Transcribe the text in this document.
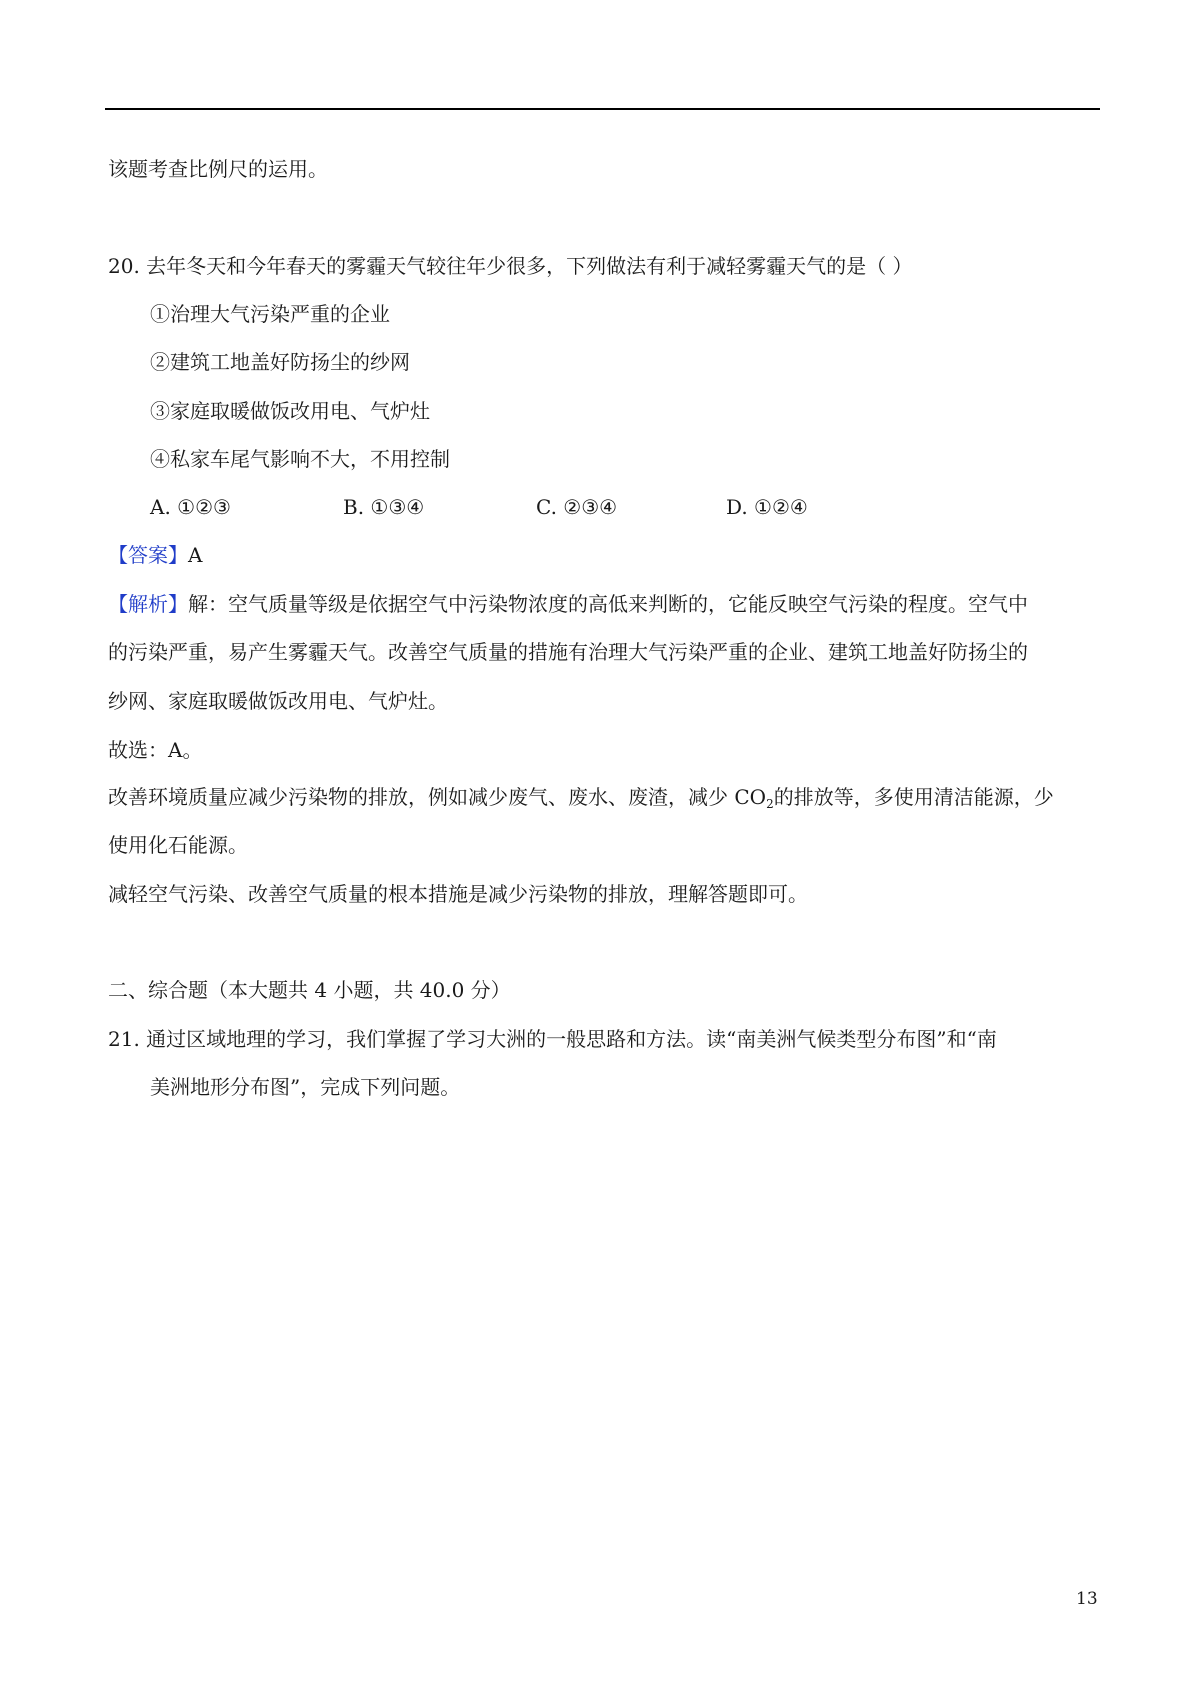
该题考查比例尺的运用。
20. 去年冬天和今年春天的雾霾天气较往年少很多，下列做法有利于减轻雾霾天气的是（ ）
①治理大气污染严重的企业
②建筑工地盖好防扬尘的纱网
③家庭取暖做饭改用电、气炉灶
④私家车尾气影响不大，不用控制
A. ①②③	B. ①③④	C. ②③④	D. ①②④
【答案】A
【解析】解：空气质量等级是依据空气中污染物浓度的高低来判断的，它能反映空气污染的程度。空气中
的污染严重，易产生雾霾天气。改善空气质量的措施有治理大气污染严重的企业、建筑工地盖好防扬尘的
纱网、家庭取暖做饭改用电、气炉灶。
故选：A。
改善环境质量应减少污染物的排放，例如减少废气、废水、废渣，减少 $CO_2$的排放等，多使用清洁能源，少
使用化石能源。
减轻空气污染、改善空气质量的根本措施是减少污染物的排放，理解答题即可。
二、综合题（本大题共 4 小题，共 40.0 分）
21. 通过区域地理的学习，我们掌握了学习大洲的一般思路和方法。读“南美洲气候类型分布图”和“南
美洲地形分布图”，完成下列问题。
13
